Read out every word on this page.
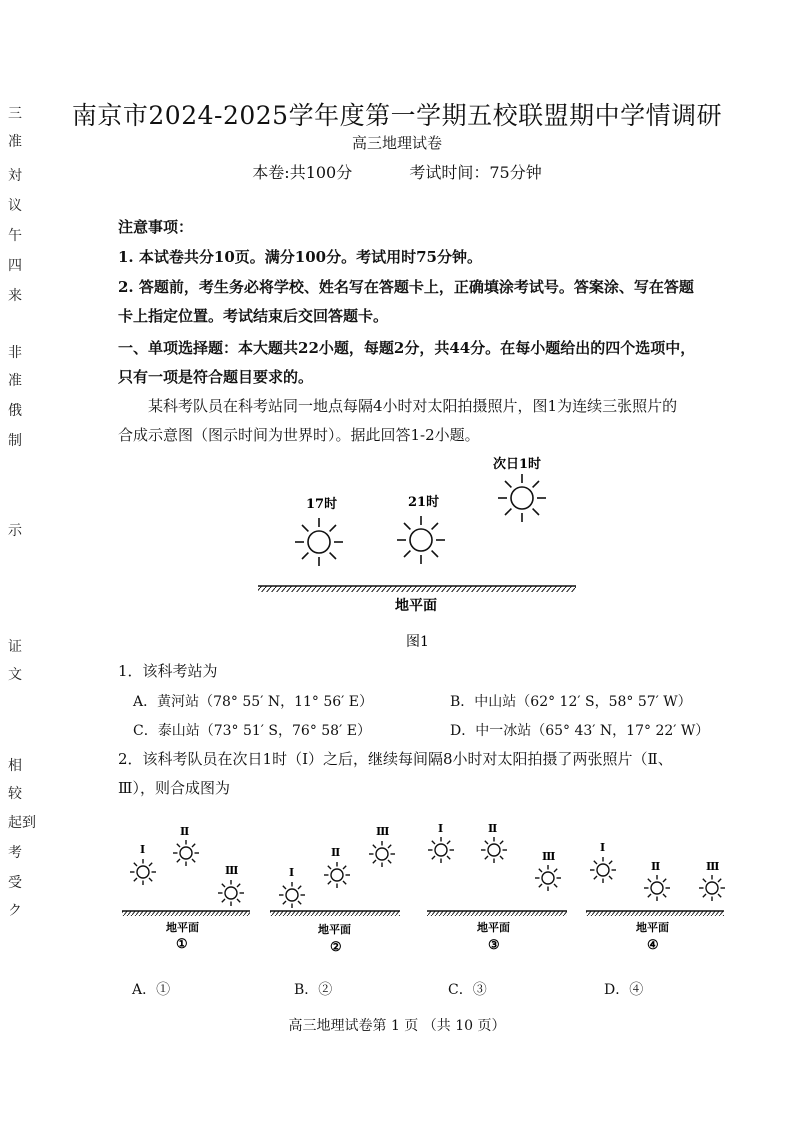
三
准
対
议
午
四
来
非
准
俄
制
示
证
文
相
较
起到
考
受
ク
南京市2024-2025学年度第一学期五校联盟期中学情调研
高三地理试卷
本卷:共100分	考试时间：75分钟
注意事项：
1. 本试卷共分10页。满分100分。考试用时75分钟。
2. 答题前，考生务必将学校、姓名写在答题卡上，正确填涂考试号。答案涂、写在答题
卡上指定位置。考试结束后交回答题卡。
一、单项选择题：本大题共22小题，每题2分，共44分。在每小题给出的四个选项中，
只有一项是符合题目要求的。
某科考队员在科考站同一地点每隔4小时对太阳拍摄照片，图1为连续三张照片的
合成示意图（图示时间为世界时）。据此回答1-2小题。
17时	21时
次日1时
地平面
图1
1．该科考站为
A．黄河站（78° 55′ N，11° 56′ E）	B．中山站（62° 12′ S，58° 57′ W）
C．泰山站（73° 51′ S，76° 58′ E）	D．中一冰站（65° 43′ N，17° 22′ W）
2．该科考队员在次日1时（Ⅰ）之后，继续每间隔8小时对太阳拍摄了两张照片（Ⅱ、
Ⅲ），则合成图为
Ⅰ
Ⅱ
Ⅲ
地平面
①
Ⅰ
Ⅱ
Ⅲ
地平面
②
Ⅰ	Ⅱ
Ⅲ
地平面
③
Ⅰ
Ⅱ	Ⅲ
地平面
④
A．①	B．②	C．③	D．④
高三地理试卷第 1 页 （共 10 页）
